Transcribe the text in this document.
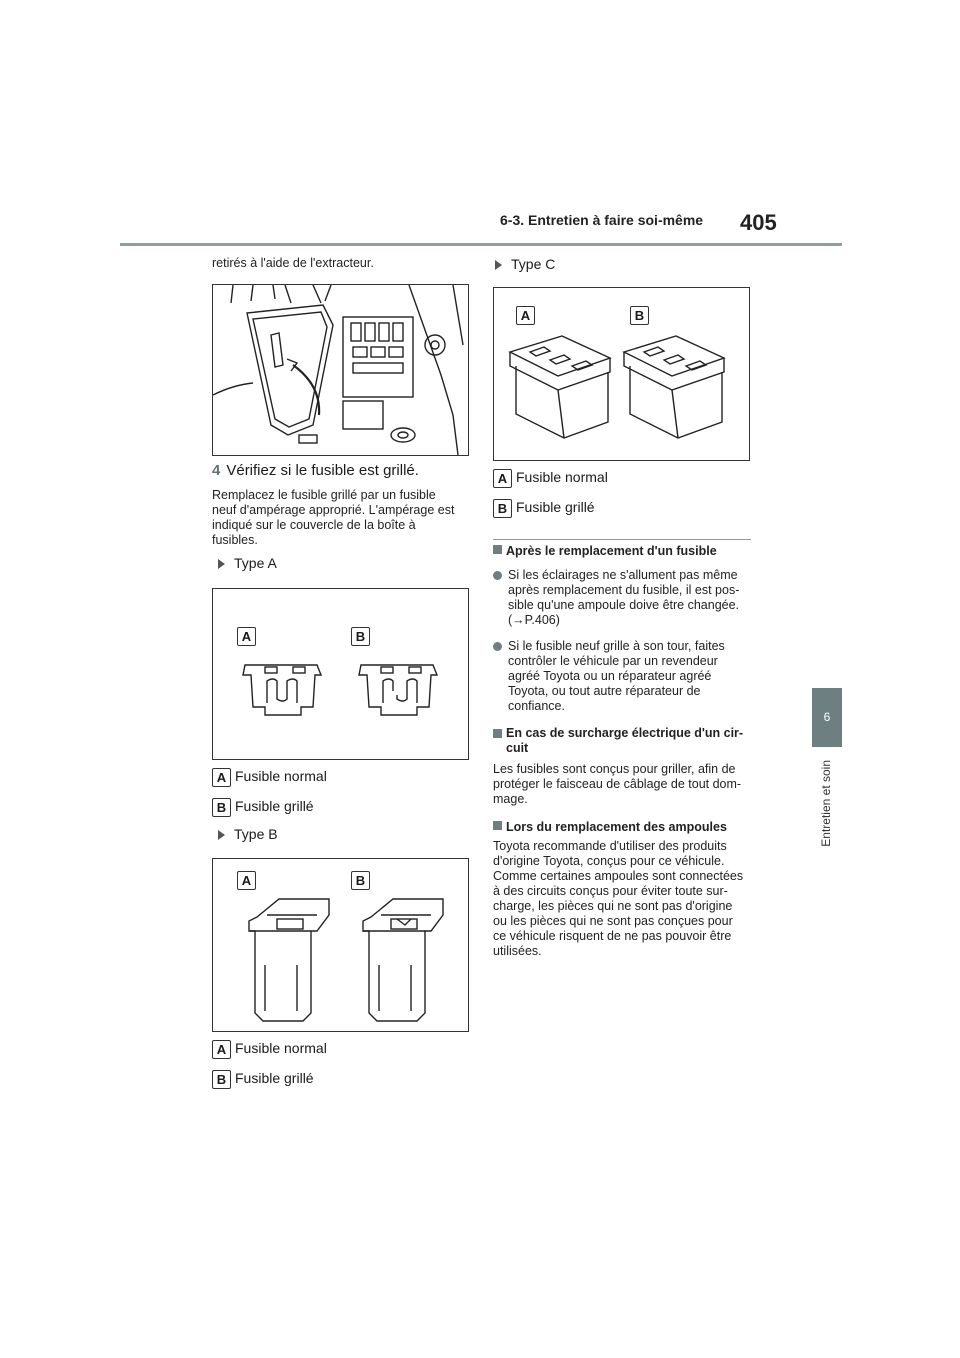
6-3. Entretien à faire soi-même 405
6
Entretien et soin
retirés à l'aide de l'extracteur.
4 Vérifiez si le fusible est grillé.
Remplacez le fusible grillé par un fusible
neuf d'ampérage approprié. L'ampérage est
indiqué sur le couvercle de la boîte à
fusibles.
Type A
A	B
A Fusible normal
B Fusible grillé
Type B
A	B
A Fusible normal
B Fusible grillé
Type C
A	B
A Fusible normal
B Fusible grillé
Après le remplacement d'un fusible
Si les éclairages ne s'allument pas même
après remplacement du fusible, il est pos-
sible qu'une ampoule doive être changée.
(→P.406)
Si le fusible neuf grille à son tour, faites
contrôler le véhicule par un revendeur
agréé Toyota ou un réparateur agréé
Toyota, ou tout autre réparateur de
confiance.
En cas de surcharge électrique d'un cir-
cuit
Les fusibles sont conçus pour griller, afin de
protéger le faisceau de câblage de tout dom-
mage.
Lors du remplacement des ampoules
Toyota recommande d'utiliser des produits
d'origine Toyota, conçus pour ce véhicule.
Comme certaines ampoules sont connectées
à des circuits conçus pour éviter toute sur-
charge, les pièces qui ne sont pas d'origine
ou les pièces qui ne sont pas conçues pour
ce véhicule risquent de ne pas pouvoir être
utilisées.
